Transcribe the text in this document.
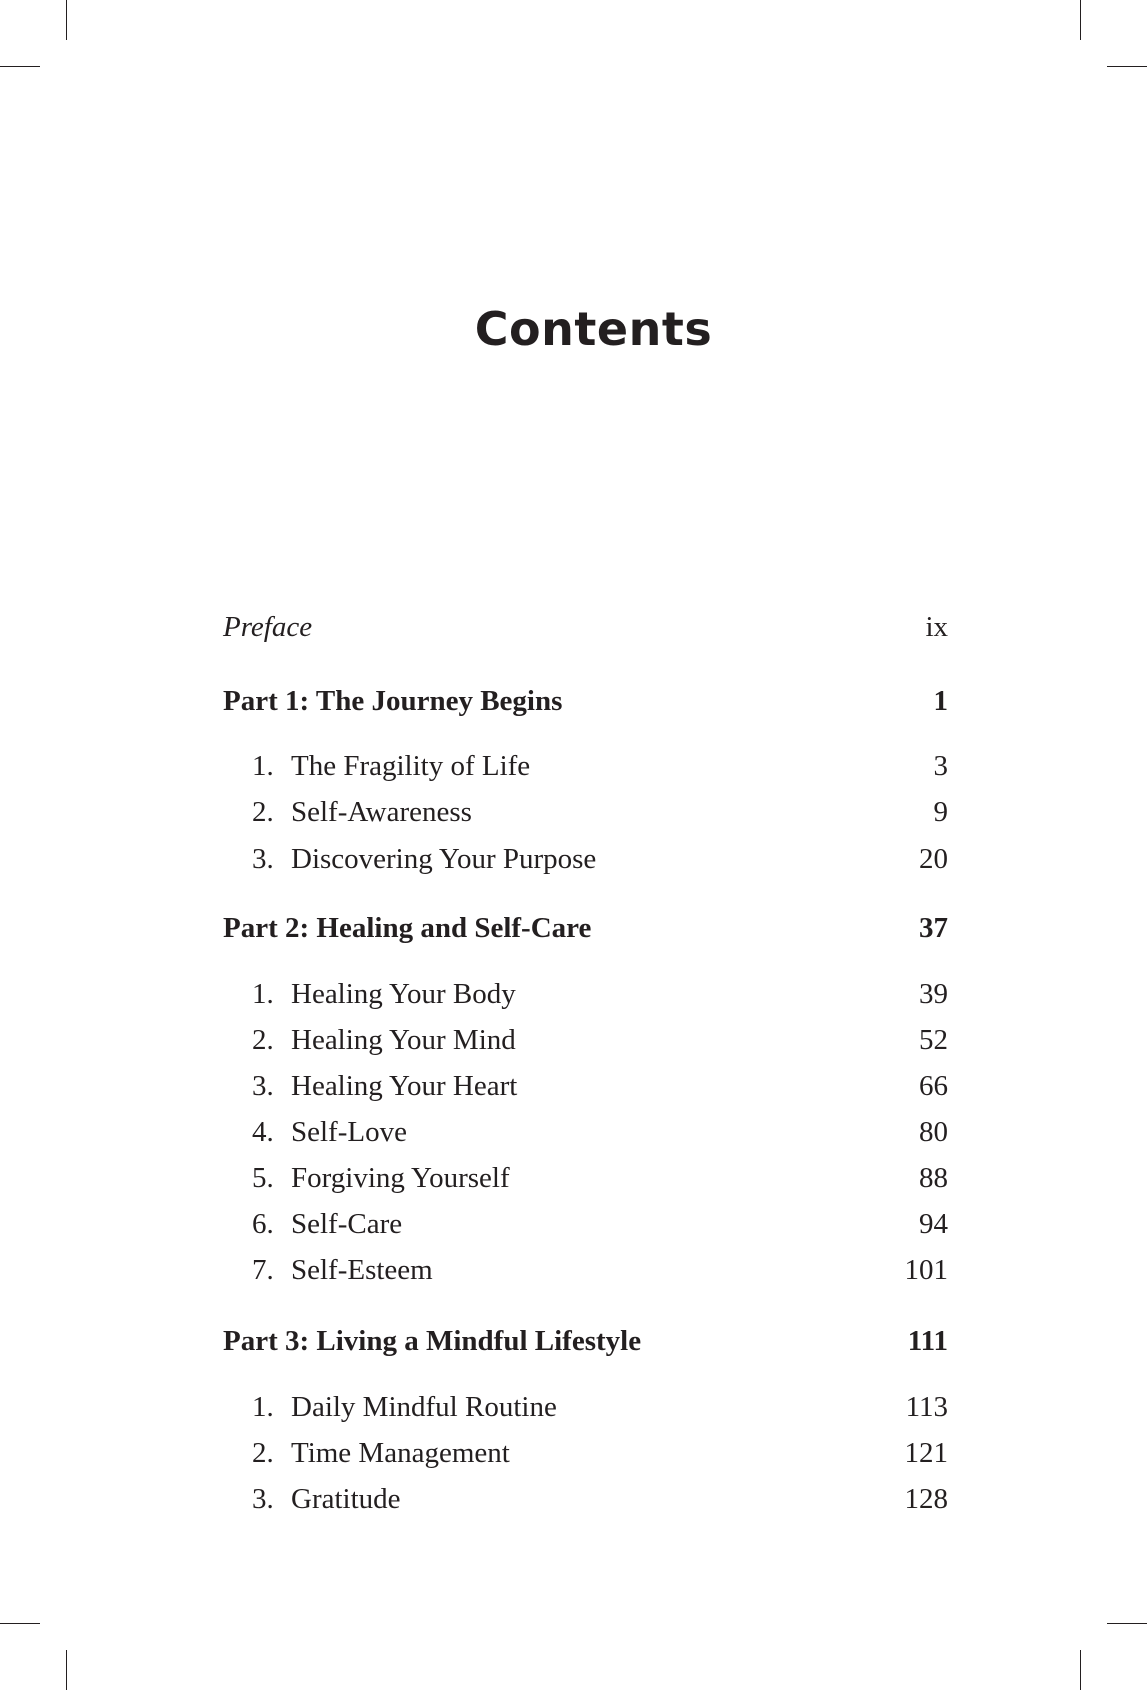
Contents
Preface	ix
Part 1: The Journey Begins	1
1. The Fragility of Life	3
2. Self-Awareness	9
3. Discovering Your Purpose	20
Part 2: Healing and Self-Care	37
1. Healing Your Body	39
2. Healing Your Mind	52
3. Healing Your Heart	66
4. Self-Love	80
5. Forgiving Yourself	88
6. Self-Care	94
7. Self-Esteem	101
Part 3: Living a Mindful Lifestyle	111
1. Daily Mindful Routine	113
2. Time Management	121
3. Gratitude	128
